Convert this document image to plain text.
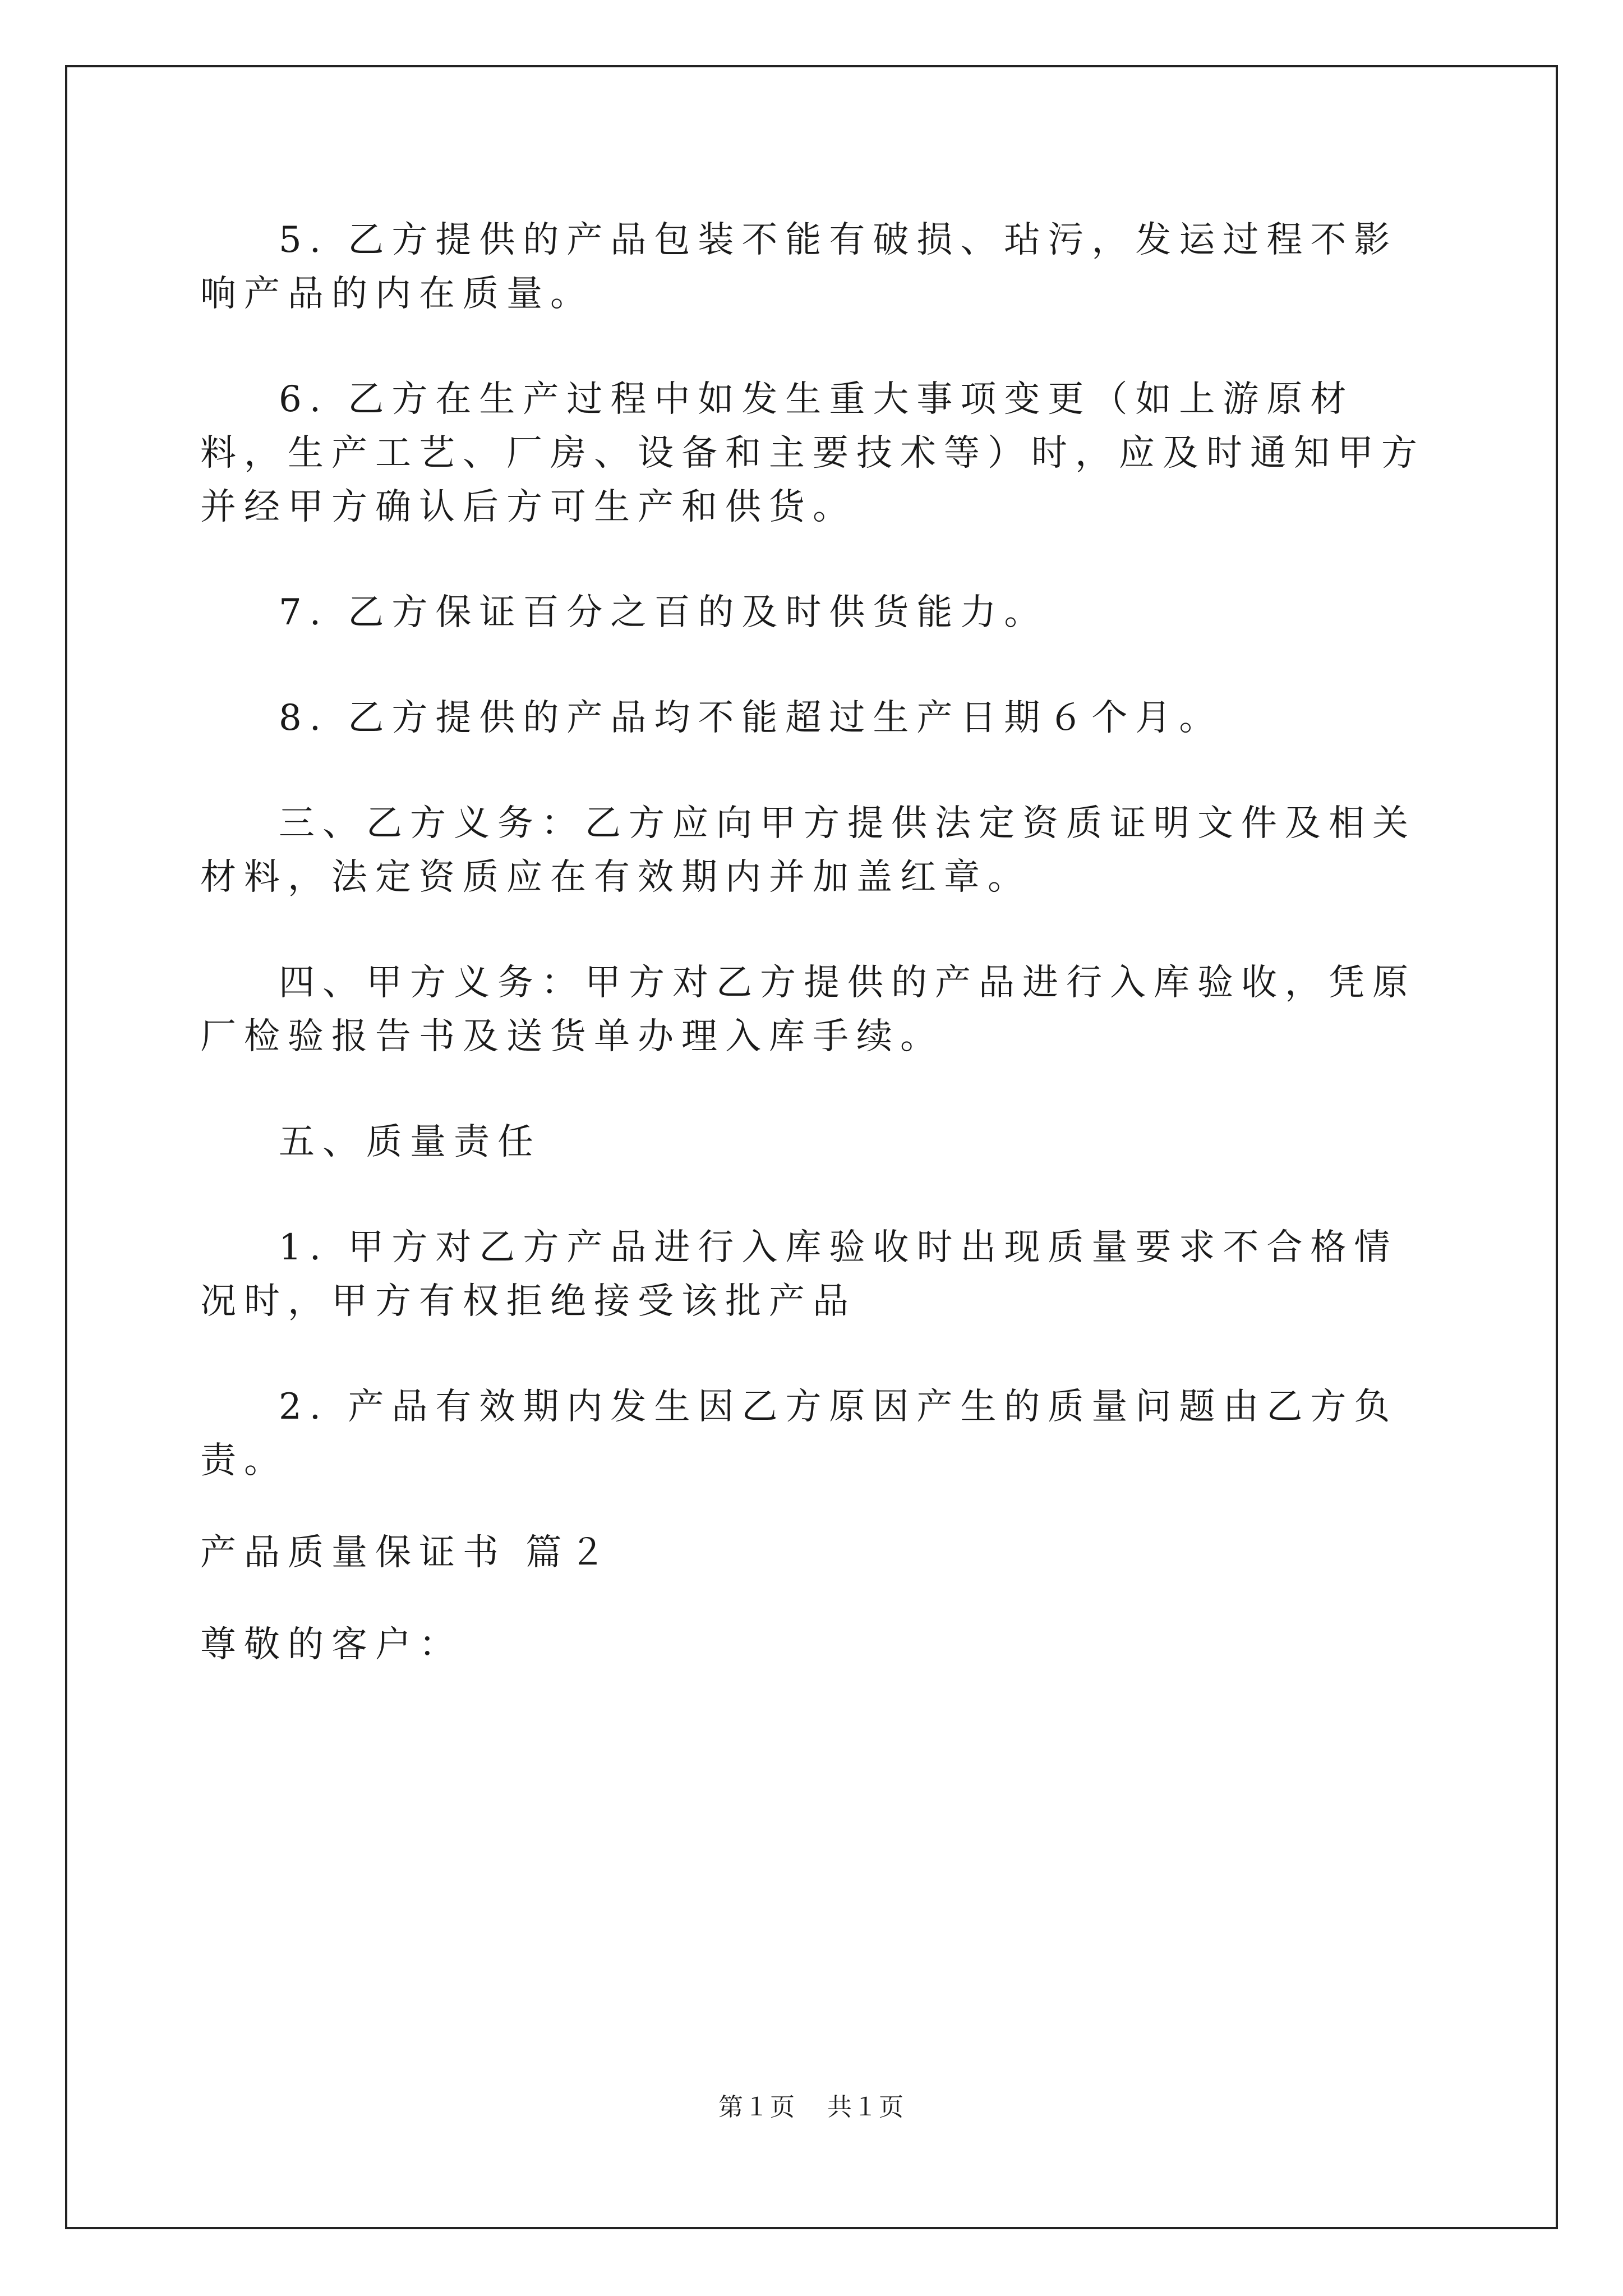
5. 乙方提供的产品包装不能有破损、玷污，发运过程不影响产品的内在质量。

6. 乙方在生产过程中如发生重大事项变更（如上游原材料，生产工艺、厂房、设备和主要技术等）时，应及时通知甲方并经甲方确认后方可生产和供货。

7. 乙方保证百分之百的及时供货能力。

8. 乙方提供的产品均不能超过生产日期６个月。

三、乙方义务：乙方应向甲方提供法定资质证明文件及相关材料，法定资质应在有效期内并加盖红章。

四、甲方义务：甲方对乙方提供的产品进行入库验收，凭原厂检验报告书及送货单办理入库手续。

五、质量责任

1. 甲方对乙方产品进行入库验收时出现质量要求不合格情况时，甲方有权拒绝接受该批产品

2. 产品有效期内发生因乙方原因产生的质量问题由乙方负责。

产品质量保证书 篇２

尊敬的客户：

第１页 共１页
